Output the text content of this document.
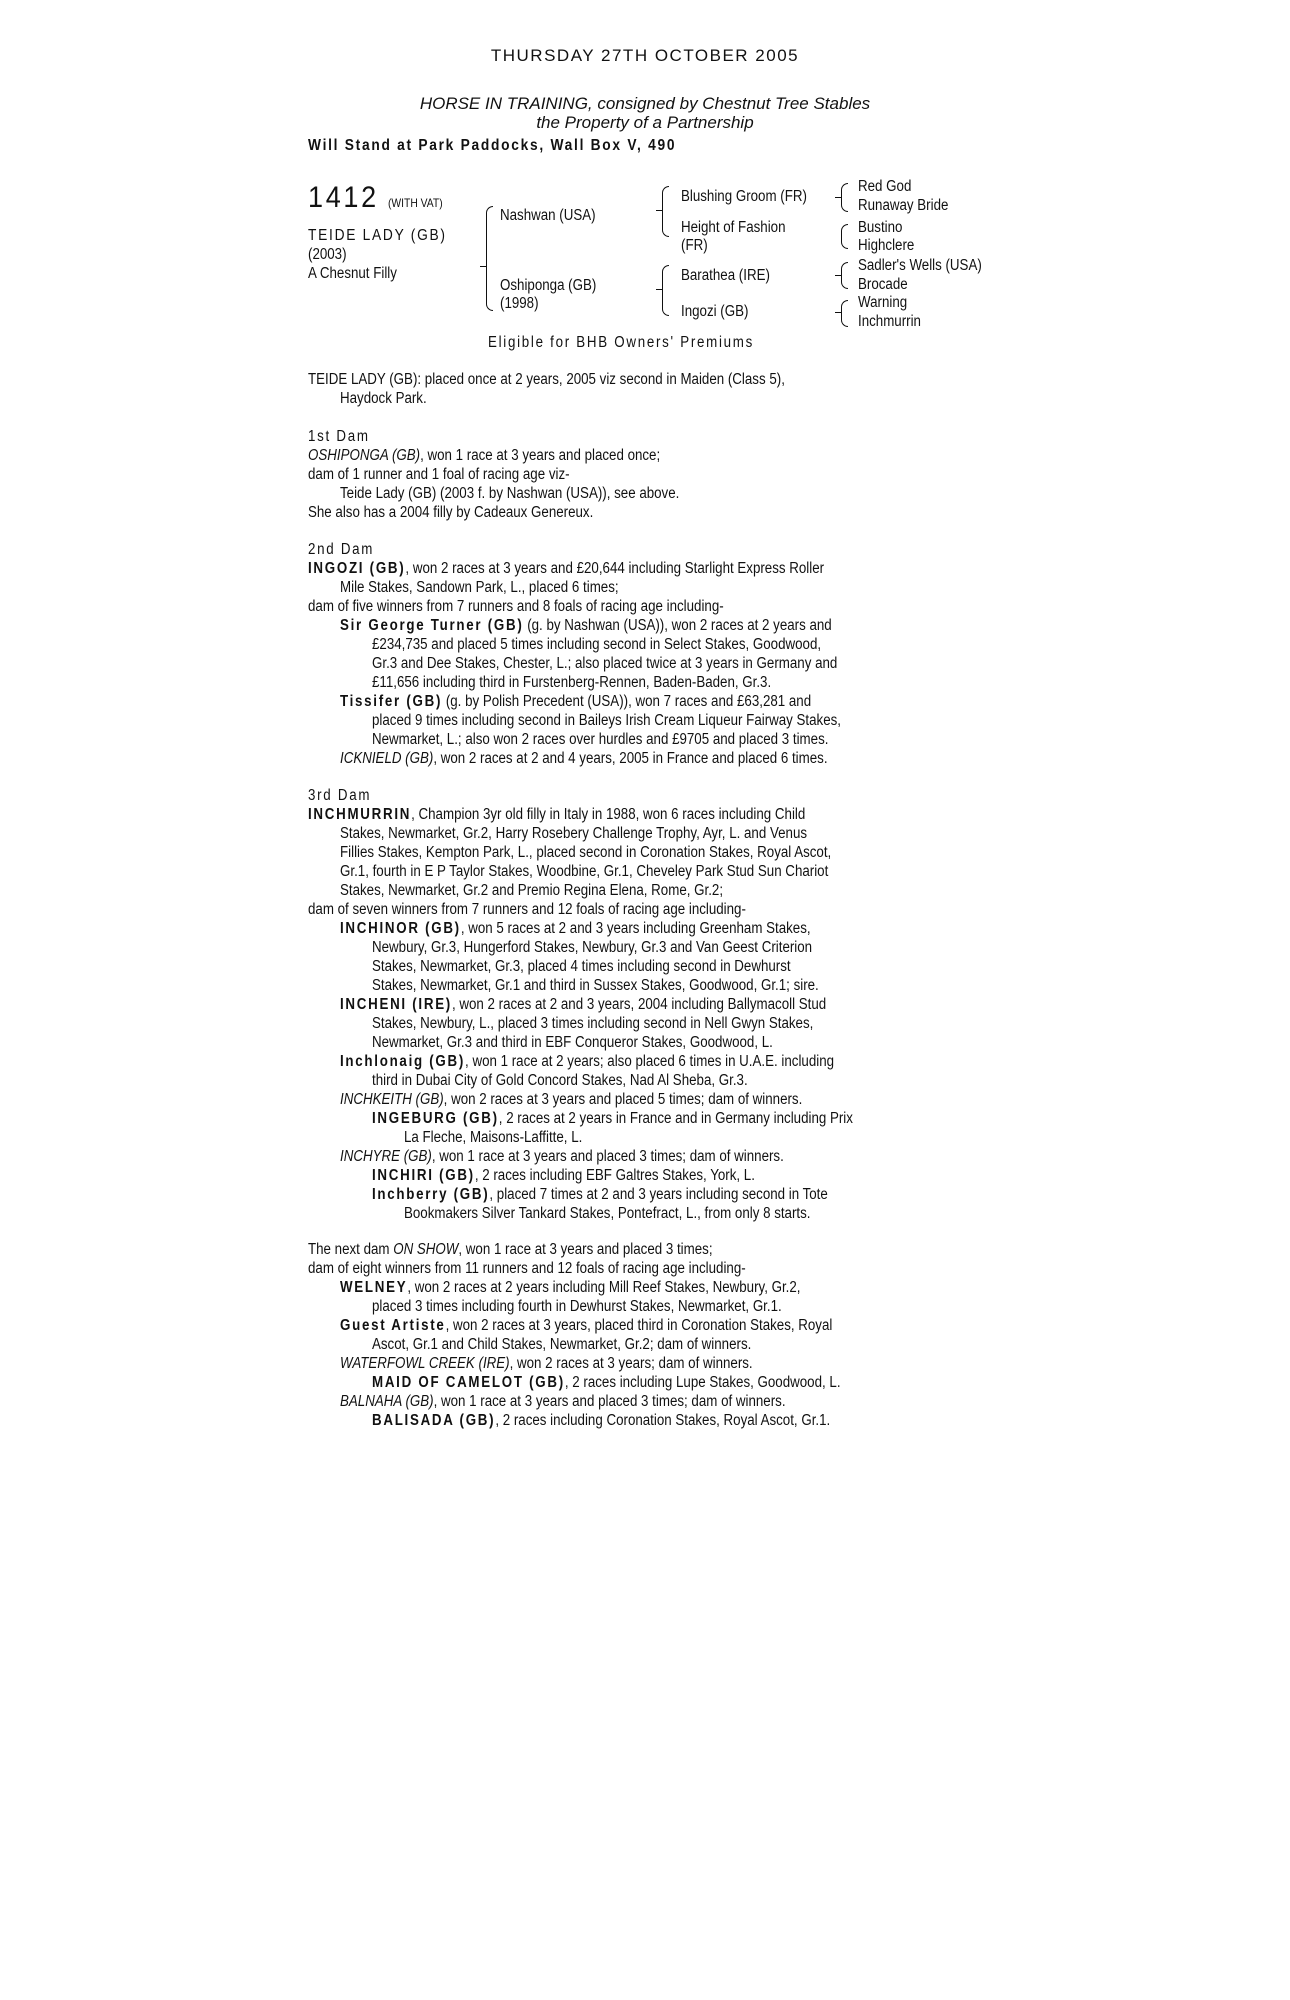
THURSDAY 27TH OCTOBER 2005
HORSE IN TRAINING, consigned by Chestnut Tree Stables
the Property of a Partnership
Will Stand at Park Paddocks, Wall Box V, 490
1412 (WITH VAT)
TEIDE LADY (GB)
(2003)
A Chesnut Filly
Nashwan (USA)
Oshiponga (GB)
(1998)
Blushing Groom (FR)
Height of Fashion
(FR)
Barathea (IRE)
Ingozi (GB)
Red God
Runaway Bride
Bustino
Highclere
Sadler's Wells (USA)
Brocade
Warning
Inchmurrin
Eligible for BHB Owners' Premiums
TEIDE LADY (GB): placed once at 2 years, 2005 viz second in Maiden (Class 5),
Haydock Park.
1st Dam
OSHIPONGA (GB), won 1 race at 3 years and placed once;
dam of 1 runner and 1 foal of racing age viz-
Teide Lady (GB) (2003 f. by Nashwan (USA)), see above.
She also has a 2004 filly by Cadeaux Genereux.
2nd Dam
INGOZI (GB), won 2 races at 3 years and £20,644 including Starlight Express Roller
Mile Stakes, Sandown Park, L., placed 6 times;
dam of five winners from 7 runners and 8 foals of racing age including-
Sir George Turner (GB) (g. by Nashwan (USA)), won 2 races at 2 years and
£234,735 and placed 5 times including second in Select Stakes, Goodwood,
Gr.3 and Dee Stakes, Chester, L.; also placed twice at 3 years in Germany and
£11,656 including third in Furstenberg-Rennen, Baden-Baden, Gr.3.
Tissifer (GB) (g. by Polish Precedent (USA)), won 7 races and £63,281 and
placed 9 times including second in Baileys Irish Cream Liqueur Fairway Stakes,
Newmarket, L.; also won 2 races over hurdles and £9705 and placed 3 times.
ICKNIELD (GB), won 2 races at 2 and 4 years, 2005 in France and placed 6 times.
3rd Dam
INCHMURRIN, Champion 3yr old filly in Italy in 1988, won 6 races including Child
Stakes, Newmarket, Gr.2, Harry Rosebery Challenge Trophy, Ayr, L. and Venus
Fillies Stakes, Kempton Park, L., placed second in Coronation Stakes, Royal Ascot,
Gr.1, fourth in E P Taylor Stakes, Woodbine, Gr.1, Cheveley Park Stud Sun Chariot
Stakes, Newmarket, Gr.2 and Premio Regina Elena, Rome, Gr.2;
dam of seven winners from 7 runners and 12 foals of racing age including-
INCHINOR (GB), won 5 races at 2 and 3 years including Greenham Stakes,
Newbury, Gr.3, Hungerford Stakes, Newbury, Gr.3 and Van Geest Criterion
Stakes, Newmarket, Gr.3, placed 4 times including second in Dewhurst
Stakes, Newmarket, Gr.1 and third in Sussex Stakes, Goodwood, Gr.1; sire.
INCHENI (IRE), won 2 races at 2 and 3 years, 2004 including Ballymacoll Stud
Stakes, Newbury, L., placed 3 times including second in Nell Gwyn Stakes,
Newmarket, Gr.3 and third in EBF Conqueror Stakes, Goodwood, L.
Inchlonaig (GB), won 1 race at 2 years; also placed 6 times in U.A.E. including
third in Dubai City of Gold Concord Stakes, Nad Al Sheba, Gr.3.
INCHKEITH (GB), won 2 races at 3 years and placed 5 times; dam of winners.
INGEBURG (GB), 2 races at 2 years in France and in Germany including Prix
La Fleche, Maisons-Laffitte, L.
INCHYRE (GB), won 1 race at 3 years and placed 3 times; dam of winners.
INCHIRI (GB), 2 races including EBF Galtres Stakes, York, L.
Inchberry (GB), placed 7 times at 2 and 3 years including second in Tote
Bookmakers Silver Tankard Stakes, Pontefract, L., from only 8 starts.
The next dam ON SHOW, won 1 race at 3 years and placed 3 times;
dam of eight winners from 11 runners and 12 foals of racing age including-
WELNEY, won 2 races at 2 years including Mill Reef Stakes, Newbury, Gr.2,
placed 3 times including fourth in Dewhurst Stakes, Newmarket, Gr.1.
Guest Artiste, won 2 races at 3 years, placed third in Coronation Stakes, Royal
Ascot, Gr.1 and Child Stakes, Newmarket, Gr.2; dam of winners.
WATERFOWL CREEK (IRE), won 2 races at 3 years; dam of winners.
MAID OF CAMELOT (GB), 2 races including Lupe Stakes, Goodwood, L.
BALNAHA (GB), won 1 race at 3 years and placed 3 times; dam of winners.
BALISADA (GB), 2 races including Coronation Stakes, Royal Ascot, Gr.1.
